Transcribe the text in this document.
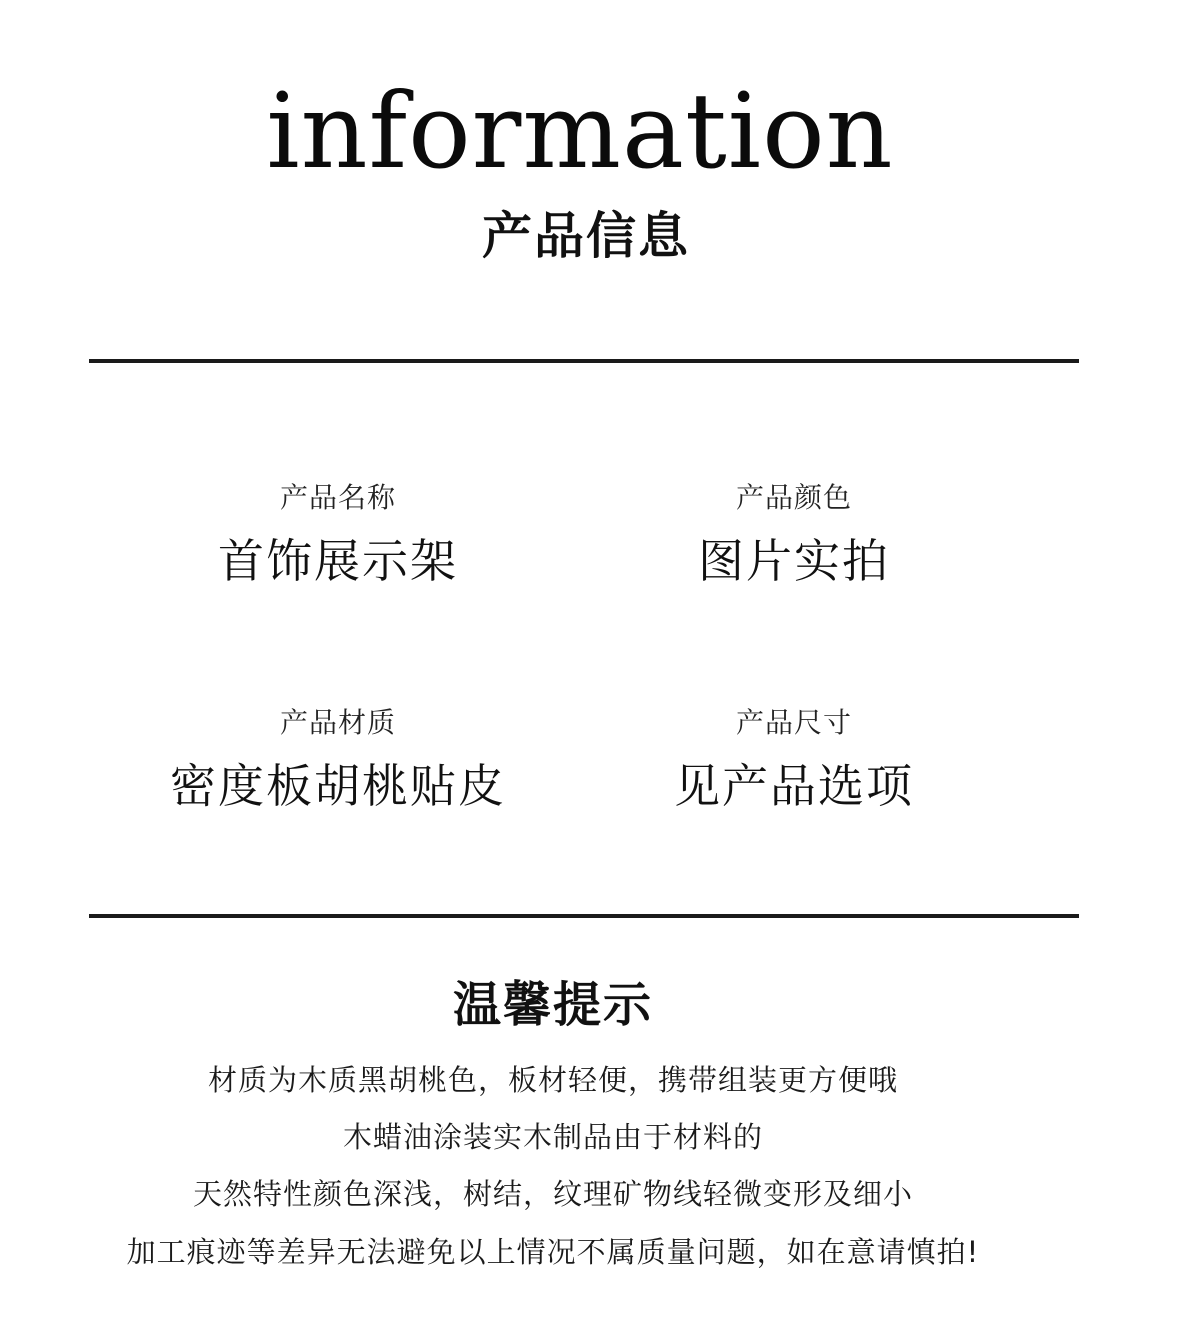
information
产品信息
产品名称
首饰展示架
产品颜色
图片实拍
产品材质
密度板胡桃贴皮
产品尺寸
见产品选项
温馨提示
材质为木质黑胡桃色，板材轻便，携带组装更方便哦
木蜡油涂装实木制品由于材料的
天然特性颜色深浅，树结，纹理矿物线轻微变形及细小
加工痕迹等差异无法避免以上情况不属质量问题，如在意请慎拍!
